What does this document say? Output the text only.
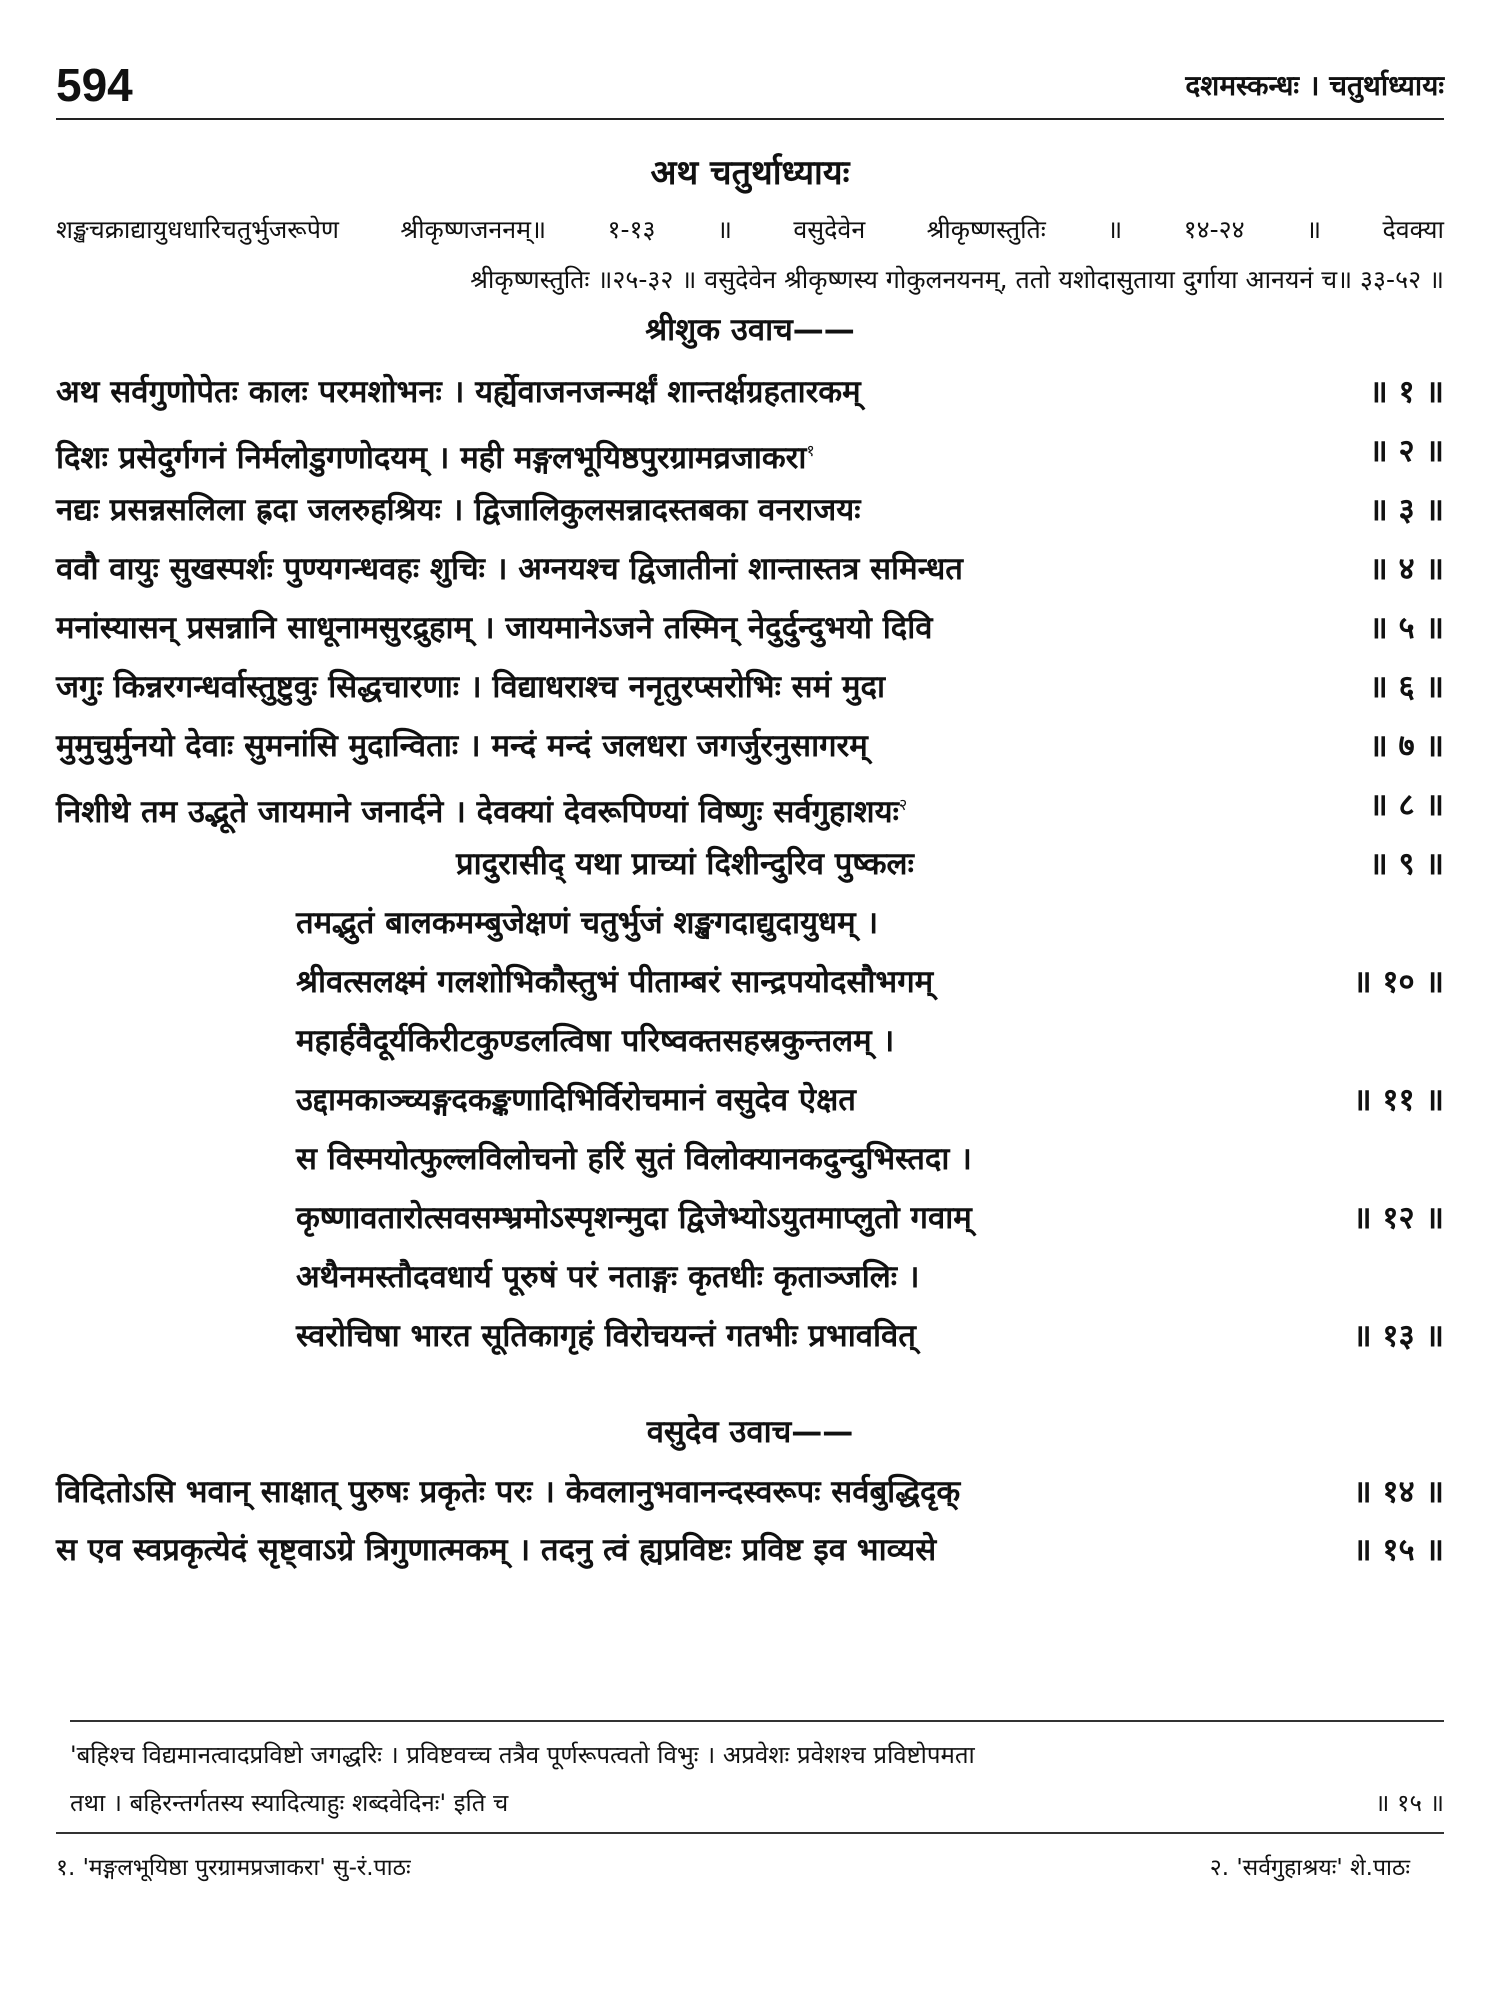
594	दशमस्कन्धः । चतुर्थाध्यायः
अथ चतुर्थाध्यायः
शङ्खचक्राद्यायुधधारिचतुर्भुजरूपेण श्रीकृष्णजननम्॥ १-१३ ॥ वसुदेवेन श्रीकृष्णस्तुतिः ॥ १४-२४ ॥ देवक्या
श्रीकृष्णस्तुतिः ॥२५-३२ ॥ वसुदेवेन श्रीकृष्णस्य गोकुलनयनम्, ततो यशोदासुताया दुर्गाया आनयनं च॥ ३३-५२ ॥
श्रीशुक उवाच——
अथ सर्वगुणोपेतः कालः परमशोभनः । यर्ह्येवाजनजन्मर्क्षं शान्तर्क्षग्रहतारकम्	॥ १ ॥
दिशः प्रसेदुर्गगनं निर्मलोडुगणोदयम् । मही मङ्गलभूयिष्ठपुरग्रामव्रजाकरा$^१$	॥ २ ॥
नद्यः प्रसन्नसलिला ह्रदा जलरुहश्रियः । द्विजालिकुलसन्नादस्तबका वनराजयः	॥ ३ ॥
ववौ वायुः सुखस्पर्शः पुण्यगन्धवहः शुचिः । अग्नयश्च द्विजातीनां शान्तास्तत्र समिन्धत	॥ ४ ॥
मनांस्यासन् प्रसन्नानि साधूनामसुरद्रुहाम् । जायमानेऽजने तस्मिन् नेदुर्दुन्दुभयो दिवि	॥ ५ ॥
जगुः किन्नरगन्धर्वास्तुष्टुवुः सिद्धचारणाः । विद्याधराश्च ननृतुरप्सरोभिः समं मुदा	॥ ६ ॥
मुमुचुर्मुनयो देवाः सुमनांसि मुदान्विताः । मन्दं मन्दं जलधरा जगर्जुरनुसागरम्	॥ ७ ॥
निशीथे तम उद्भूते जायमाने जनार्दने । देवक्यां देवरूपिण्यां विष्णुः सर्वगुहाशयः$^२$	॥ ८ ॥
प्रादुरासीद् यथा प्राच्यां दिशीन्दुरिव पुष्कलः	॥ ९ ॥
तमद्भुतं बालकमम्बुजेक्षणं चतुर्भुजं शङ्खगदाद्युदायुधम् ।
श्रीवत्सलक्ष्मं गलशोभिकौस्तुभं पीताम्बरं सान्द्रपयोदसौभगम्	॥ १० ॥
महार्हवैदूर्यकिरीटकुण्डलत्विषा परिष्वक्तसहस्रकुन्तलम् ।
उद्दामकाञ्च्यङ्गदकङ्कणादिभिर्विरोचमानं वसुदेव ऐक्षत	॥ ११ ॥
स विस्मयोत्फुल्लविलोचनो हरिं सुतं विलोक्यानकदुन्दुभिस्तदा ।
कृष्णावतारोत्सवसम्भ्रमोऽस्पृशन्मुदा द्विजेभ्योऽयुतमाप्लुतो गवाम्	॥ १२ ॥
अथैनमस्तौदवधार्य पूरुषं परं नताङ्गः कृतधीः कृताञ्जलिः ।
स्वरोचिषा भारत सूतिकागृहं विरोचयन्तं गतभीः प्रभाववित्	॥ १३ ॥
वसुदेव उवाच——
विदितोऽसि भवान् साक्षात् पुरुषः प्रकृतेः परः । केवलानुभवानन्दस्वरूपः सर्वबुद्धिदृक्	॥ १४ ॥
स एव स्वप्रकृत्येदं सृष्ट्वाऽग्रे त्रिगुणात्मकम् । तदनु त्वं ह्यप्रविष्टः प्रविष्ट इव भाव्यसे	॥ १५ ॥
'बहिश्च विद्यमानत्वादप्रविष्टो जगद्धरिः । प्रविष्टवच्च तत्रैव पूर्णरूपत्वतो विभुः । अप्रवेशः प्रवेशश्च प्रविष्टोपमता
तथा । बहिरन्तर्गतस्य स्यादित्याहुः शब्दवेदिनः' इति च	॥ १५ ॥
१. 'मङ्गलभूयिष्ठा पुरग्रामप्रजाकरा' सु-रं.पाठः	२. 'सर्वगुहाश्रयः' शे.पाठः
